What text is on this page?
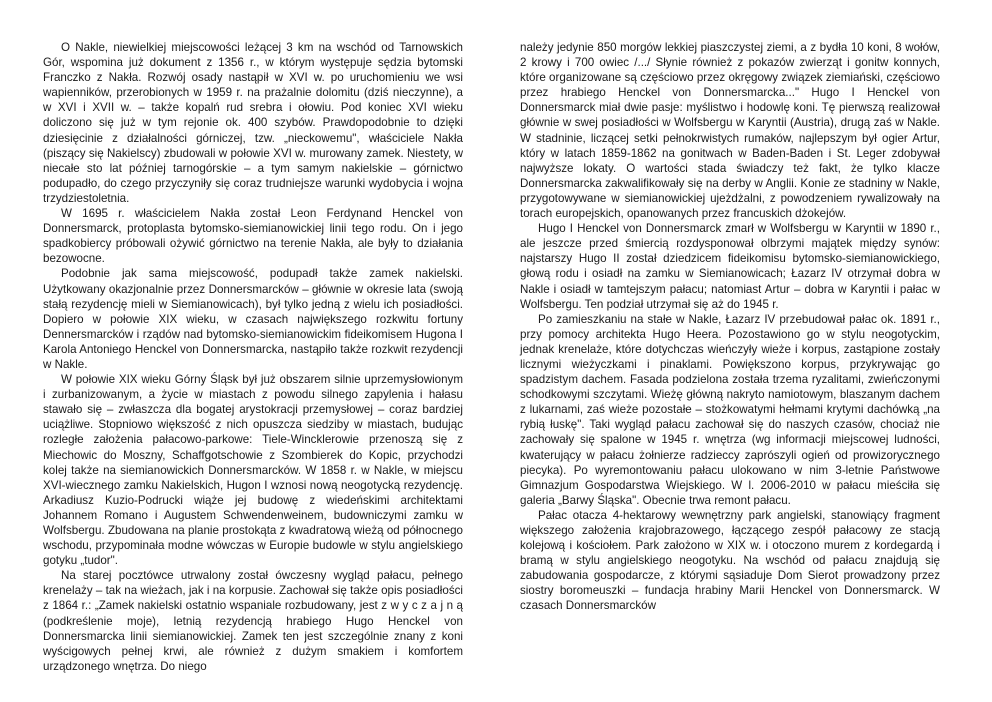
O Nakle, niewielkiej miejscowości leżącej 3 km na wschód od Tarnowskich Gór, wspomina już dokument z 1356 r., w którym występuje sędzia bytomski Franczko z Nakła. Rozwój osady nastąpił w XVI w. po uruchomieniu we wsi wapienników, przerobionych w 1959 r. na prażalnie dolomitu (dziś nieczynne), a w XVI i XVII w. – także kopalń rud srebra i ołowiu. Pod koniec XVI wieku doliczono się już w tym rejonie ok. 400 szybów. Prawdopodobnie to dzięki dziesięcinie z działalności górniczej, tzw. „nieckowemu", właściciele Nakła (piszący się Nakielscy) zbudowali w połowie XVI w. murowany zamek. Niestety, w niecałe sto lat później tarnogórskie – a tym samym nakielskie – górnictwo podupadło, do czego przyczyniły się coraz trudniejsze warunki wydobycia i wojna trzydziestoletnia.

W 1695 r. właścicielem Nakła został Leon Ferdynand Henckel von Donnersmarck, protoplasta bytomsko-siemianowickiej linii tego rodu. On i jego spadkobiercy próbowali ożywić górnictwo na terenie Nakła, ale były to działania bezowocne.

Podobnie jak sama miejscowość, podupadł także zamek nakielski. Użytkowany okazjonalnie przez Donnersmarcków – głównie w okresie lata (swoją stałą rezydencję mieli w Siemianowicach), był tylko jedną z wielu ich posiadłości. Dopiero w połowie XIX wieku, w czasach największego rozkwitu fortuny Dennersmarcków i rządów nad bytomsko-siemianowickim fideikomisem Hugona I Karola Antoniego Henckel von Donnersmarcka, nastąpiło także rozkwit rezydencji w Nakle.

W połowie XIX wieku Górny Śląsk był już obszarem silnie uprzemysłowionym i zurbanizowanym, a życie w miastach z powodu silnego zapylenia i hałasu stawało się – zwłaszcza dla bogatej arystokracji przemysłowej – coraz bardziej uciążliwe. Stopniowo większość z nich opuszcza siedziby w miastach, budując rozległe założenia pałacowo-parkowe: Tiele-Wincklerowie przenoszą się z Miechowic do Moszny, Schaffgotschowie z Szombierek do Kopic, przychodzi kolej także na siemianowickich Donnersmarcków. W 1858 r. w Nakle, w miejscu XVI-wiecznego zamku Nakielskich, Hugon I wznosi nową neogotycką rezydencję. Arkadiusz Kuzio-Podrucki wiąże jej budowę z wiedeńskimi architektami Johannem Romano i Augustem Schwendenweinem, budowniczymi zamku w Wolfsbergu. Zbudowana na planie prostokąta z kwadratową wieżą od północnego wschodu, przypominała modne wówczas w Europie budowle w stylu angielskiego gotyku „tudor".

Na starej pocztówce utrwalony został ówczesny wygląd pałacu, pełnego krenelaży – tak na wieżach, jak i na korpusie. Zachował się także opis posiadłości z 1864 r.: „Zamek nakielski ostatnio wspaniale rozbudowany, jest z w y c z a j n ą (podkreślenie moje), letnią rezydencją hrabiego Hugo Henckel von Donnersmarcka linii siemianowickiej. Zamek ten jest szczególnie znany z koni wyścigowych pełnej krwi, ale również z dużym smakiem i komfortem urządzonego wnętrza. Do niego

należy jedynie 850 morgów lekkiej piaszczystej ziemi, a z bydła 10 koni, 8 wołów, 2 krowy i 700 owiec /.../ Słynie również z pokazów zwierząt i gonitw konnych, które organizowane są częściowo przez okręgowy związek ziemiański, częściowo przez hrabiego Henckel von Donnersmarcka..." Hugo I Henckel von Donnersmarck miał dwie pasje: myślistwo i hodowlę koni. Tę pierwszą realizował głównie w swej posiadłości w Wolfsbergu w Karyntii (Austria), drugą zaś w Nakle. W stadninie, liczącej setki pełnokrwistych rumaków, najlepszym był ogier Artur, który w latach 1859-1862 na gonitwach w Baden-Baden i St. Leger zdobywał najwyższe lokaty. O wartości stada świadczy też fakt, że tylko klacze Donnersmarcka zakwalifikowały się na derby w Anglii. Konie ze stadniny w Nakle, przygotowywane w siemianowickiej ujeżdżalni, z powodzeniem rywalizowały na torach europejskich, opanowanych przez francuskich dżokejów.

Hugo I Henckel von Donnersmarck zmarł w Wolfsbergu w Karyntii w 1890 r., ale jeszcze przed śmiercią rozdysponował olbrzymi majątek między synów: najstarszy Hugo II został dziedzicem fideikomisu bytomsko-siemianowickiego, głową rodu i osiadł na zamku w Siemianowicach; Łazarz IV otrzymał dobra w Nakle i osiadł w tamtejszym pałacu; natomiast Artur – dobra w Karyntii i pałac w Wolfsbergu. Ten podział utrzymał się aż do 1945 r.

Po zamieszkaniu na stałe w Nakle, Łazarz IV przebudował pałac ok. 1891 r., przy pomocy architekta Hugo Heera. Pozostawiono go w stylu neogotyckim, jednak krenelaże, które dotychczas wieńczyły wieże i korpus, zastąpione zostały licznymi wieżyczkami i pinaklami. Powiększono korpus, przykrywając go spadzistym dachem. Fasada podzielona została trzema ryzalitami, zwieńczonymi schodkowymi szczytami. Wieżę główną nakryto namiotowym, blaszanym dachem z lukarnami, zaś wieże pozostałe – stożkowatymi hełmami krytymi dachówką „na rybią łuskę". Taki wygląd pałacu zachował się do naszych czasów, chociaż nie zachowały się spalone w 1945 r. wnętrza (wg informacji miejscowej ludności, kwaterujący w pałacu żołnierze radzieccy zaprószyli ogień od prowizorycznego piecyka). Po wyremontowaniu pałacu ulokowano w nim 3-letnie Państwowe Gimnazjum Gospodarstwa Wiejskiego. W l. 2006-2010 w pałacu mieściła się galeria „Barwy Śląska". Obecnie trwa remont pałacu.

Pałac otacza 4-hektarowy wewnętrzny park angielski, stanowiący fragment większego założenia krajobrazowego, łączącego zespół pałacowy ze stacją kolejową i kościołem. Park założono w XIX w. i otoczono murem z kordegardą i bramą w stylu angielskiego neogotyku. Na wschód od pałacu znajdują się zabudowania gospodarcze, z którymi sąsiaduje Dom Sierot prowadzony przez siostry boromeuszki – fundacja hrabiny Marii Henckel von Donnersmarck. W czasach Donnersmarcków
